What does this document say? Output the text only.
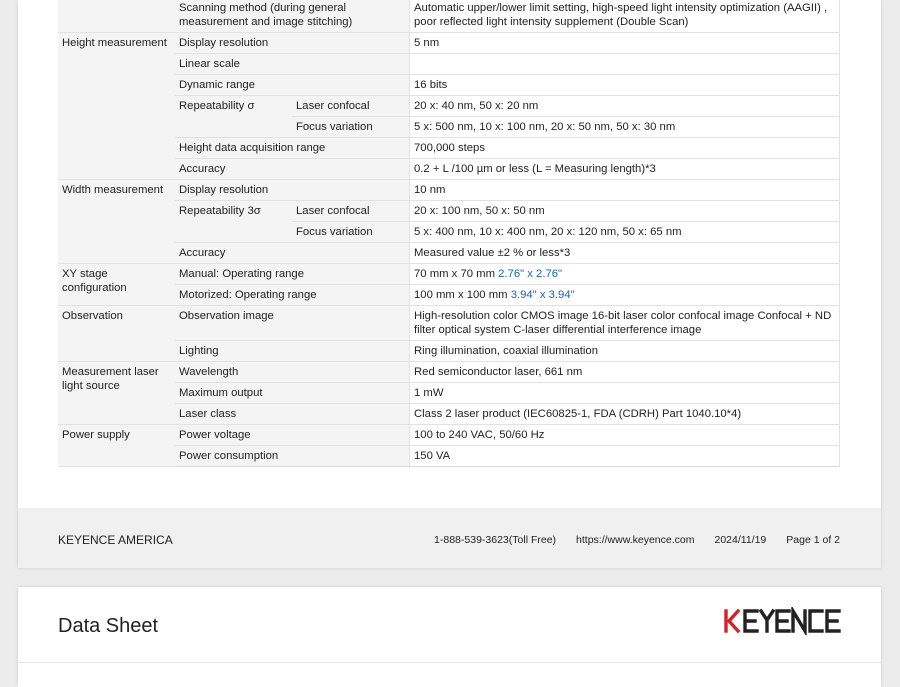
	Scanning method (during general measurement and image stitching)		Automatic upper/lower limit setting, high-speed light intensity optimization (AAGII) , poor reflected light intensity supplement (Double Scan)
Height measurement	Display resolution		5 nm
	Linear scale		
	Dynamic range		16 bits
	Repeatability σ	Laser confocal	20 x: 40 nm, 50 x: 20 nm
		Focus variation	5 x: 500 nm, 10 x: 100 nm, 20 x: 50 nm, 50 x: 30 nm
	Height data acquisition range		700,000 steps
	Accuracy		0.2 + L /100 µm or less (L = Measuring length)*3
Width measurement	Display resolution		10 nm
	Repeatability 3σ	Laser confocal	20 x: 100 nm, 50 x: 50 nm
		Focus variation	5 x: 400 nm, 10 x: 400 nm, 20 x: 120 nm, 50 x: 65 nm
	Accuracy		Measured value ±2 % or less*3
XY stage configuration	Manual: Operating range		70 mm x 70 mm 2.76" x 2.76"
	Motorized: Operating range		100 mm x 100 mm 3.94" x 3.94"
Observation	Observation image		High-resolution color CMOS image 16-bit laser color confocal image Confocal + ND filter optical system C-laser differential interference image
	Lighting		Ring illumination, coaxial illumination
Measurement laser light source	Wavelength		Red semiconductor laser, 661 nm
	Maximum output		1 mW
	Laser class		Class 2 laser product (IEC60825-1, FDA (CDRH) Part 1040.10*4)
Power supply	Power voltage		100 to 240 VAC, 50/60 Hz
	Power consumption		150 VA
KEYENCE AMERICA	1-888-539-3623(Toll Free) https://www.keyence.com 2024/11/19 Page 1 of 2
Data Sheet
